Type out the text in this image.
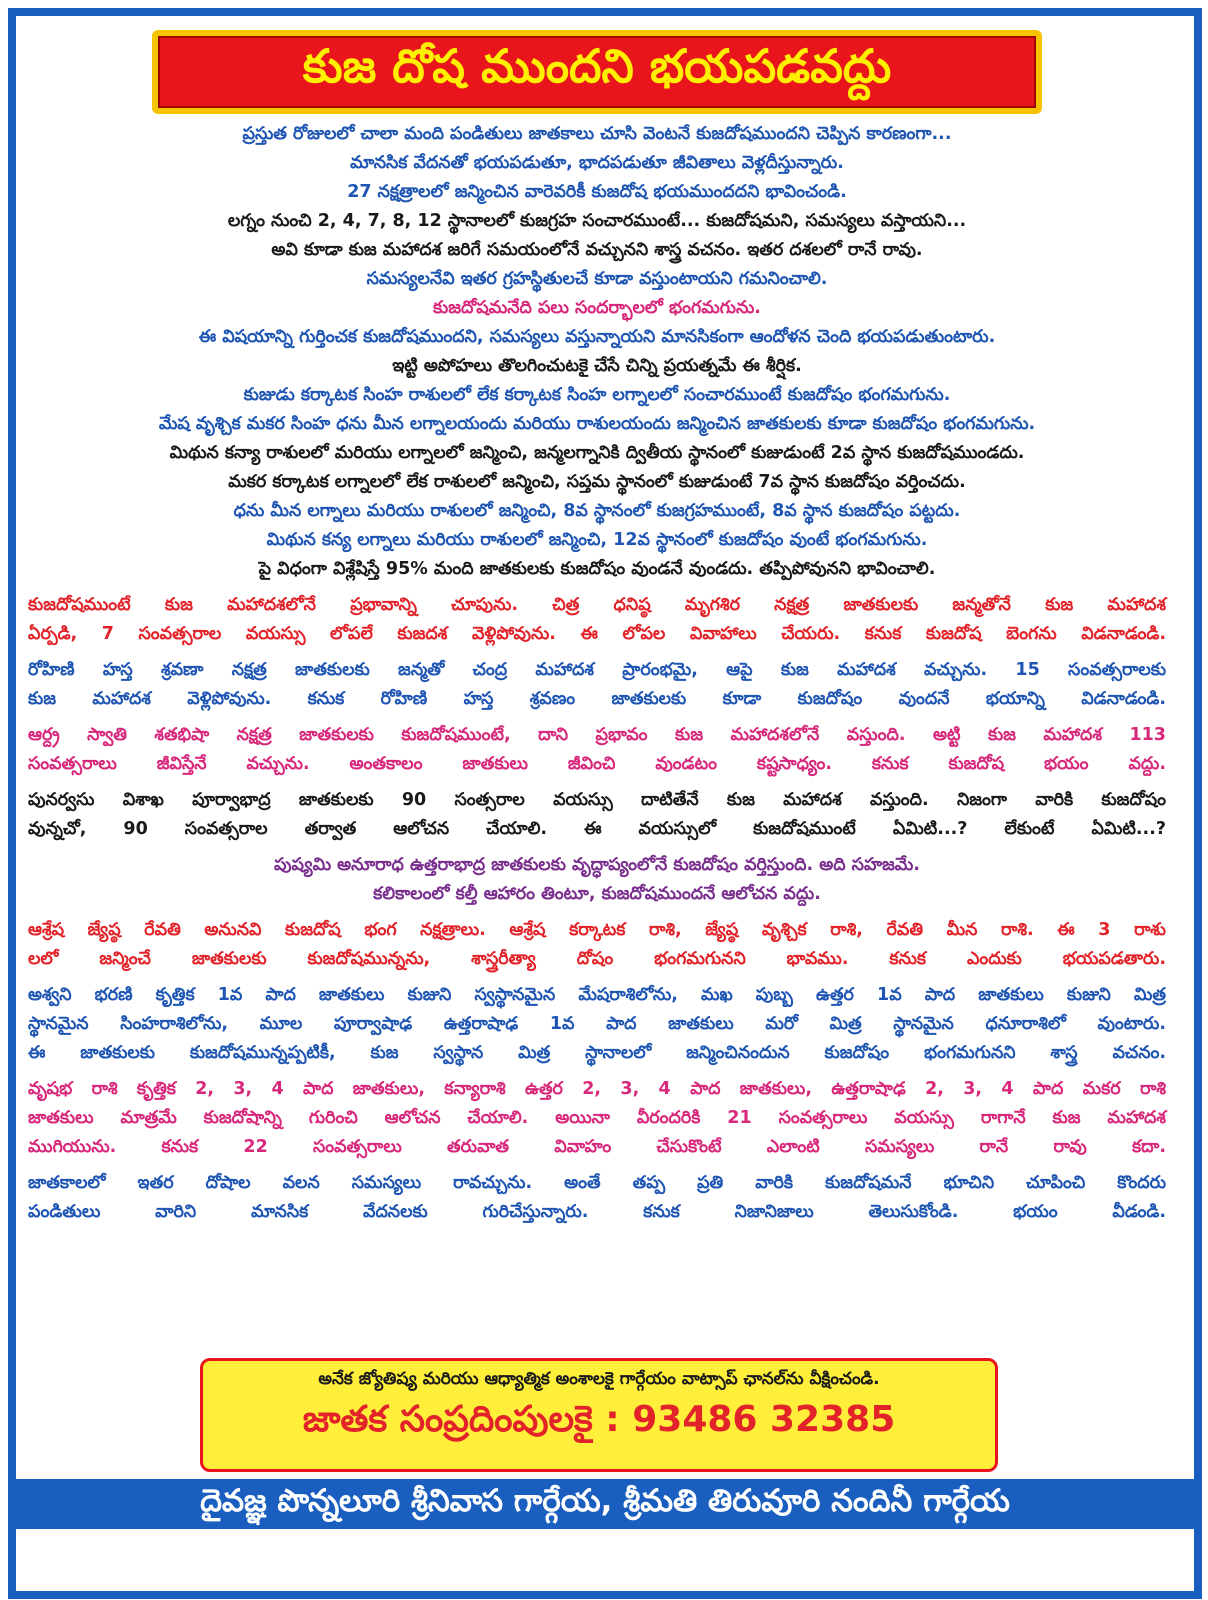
కుజ దోష ముందని భయపడవద్దు
ప్రస్తుత రోజులలో చాలా మంది పండితులు జాతకాలు చూసి వెంటనే కుజదోషముందని చెప్పిన కారణంగా...
మానసిక వేదనతో భయపడుతూ, భాదపడుతూ జీవితాలు వెళ్లదీస్తున్నారు.
27 నక్షత్రాలలో జన్మించిన వారెవరికీ కుజదోష భయముందదని భావించండి.
లగ్నం నుంచి 2, 4, 7, 8, 12 స్థానాలలో కుజగ్రహ సంచారముంటే... కుజదోషమని, సమస్యలు వస్తాయని...
అవి కూడా కుజ మహాదశ జరిగే సమయంలోనే వచ్చునని శాస్త్ర వచనం. ఇతర దశలలో రానే రావు.
సమస్యలనేవి ఇతర గ్రహస్థితులచే కూడా వస్తుంటాయని గమనించాలి.
కుజదోషమనేది పలు సందర్భాలలో భంగమగును.
ఈ విషయాన్ని గుర్తించక కుజదోషముందని, సమస్యలు వస్తున్నాయని మానసికంగా ఆందోళన చెంది భయపడుతుంటారు.
ఇట్టి అపోహలు తొలగించుటకై చేసే చిన్ని ప్రయత్నమే ఈ శీర్షిక.
కుజుడు కర్కాటక సింహ రాశులలో లేక కర్కాటక సింహ లగ్నాలలో సంచారముంటే కుజదోషం భంగమగును.
మేష వృశ్చిక మకర సింహ ధను మీన లగ్నాలయందు మరియు రాశులయందు జన్మించిన జాతకులకు కూడా కుజదోషం భంగమగును.
మిథున కన్యా రాశులలో మరియు లగ్నాలలో జన్మించి, జన్మలగ్నానికి ద్వితీయ స్థానంలో కుజుడుంటే 2వ స్థాన కుజదోషముండదు.
మకర కర్కాటక లగ్నాలలో లేక రాశులలో జన్మించి, సప్తమ స్థానంలో కుజుడుంటే 7వ స్థాన కుజదోషం వర్తించదు.
ధను మీన లగ్నాలు మరియు రాశులలో జన్మించి, 8వ స్థానంలో కుజగ్రహముంటే, 8వ స్థాన కుజదోషం పట్టదు.
మిథున కన్య లగ్నాలు మరియు రాశులలో జన్మించి, 12వ స్థానంలో కుజదోషం వుంటే భంగమగును.
పై విధంగా విశ్లేషిస్తే 95% మంది జాతకులకు కుజదోషం వుండనే వుండదు. తప్పిపోవునని భావించాలి.
కుజదోషముంటే కుజ మహాదశలోనే ప్రభావాన్ని చూపును. చిత్ర ధనిష్ఠ మృగశిర నక్షత్ర జాతకులకు జన్మతోనే కుజ మహాదశ
ఏర్పడి, 7 సంవత్సరాల వయస్సు లోపలే కుజదశ వెళ్లిపోవును. ఈ లోపల వివాహాలు చేయరు. కనుక కుజదోష బెంగను విడనాడండి.
రోహిణి హస్త శ్రవణా నక్షత్ర జాతకులకు జన్మతో చంద్ర మహాదశ ప్రారంభమై, ఆపై కుజ మహాదశ వచ్చును. 15 సంవత్సరాలకు
కుజ మహాదశ వెళ్లిపోవును. కనుక రోహిణి హస్త శ్రవణం జాతకులకు కూడా కుజదోషం వుందనే భయాన్ని విడనాడండి.
ఆర్ద్ర స్వాతి శతభిషా నక్షత్ర జాతకులకు కుజదోషముంటే, దాని ప్రభావం కుజ మహాదశలోనే వస్తుంది. అట్టి కుజ మహాదశ 113
సంవత్సరాలు జీవిస్తేనే వచ్చును. అంతకాలం జాతకులు జీవించి వుండటం కష్టసాధ్యం. కనుక కుజదోష భయం వద్దు.
పునర్వసు విశాఖ పూర్వాభాద్ర జాతకులకు 90 సంత్సరాల వయస్సు దాటితేనే కుజ మహాదశ వస్తుంది. నిజంగా వారికి కుజదోషం
వున్నచో, 90 సంవత్సరాల తర్వాత ఆలోచన చేయాలి. ఈ వయస్సులో కుజదోషముంటే ఏమిటి...? లేకుంటే ఏమిటి...?
పుష్యమి అనూరాధ ఉత్తరాభాద్ర జాతకులకు వృద్ధాప్యంలోనే కుజదోషం వర్తిస్తుంది. అది సహజమే.
కలికాలంలో కల్తీ ఆహారం తింటూ, కుజదోషముందనే ఆలోచన వద్దు.
ఆశ్రేష జ్యేష్ఠ రేవతి అనునవి కుజదోష భంగ నక్షత్రాలు. ఆశ్రేష కర్కాటక రాశి, జ్యేష్ఠ వృశ్చిక రాశి, రేవతి మీన రాశి. ఈ 3 రాశు
లలో జన్మించే జాతకులకు కుజదోషమున్నను, శాస్త్రరీత్యా దోషం భంగమగునని భావము. కనుక ఎందుకు భయపడతారు.
అశ్వని భరణి కృత్తిక 1వ పాద జాతకులు కుజుని స్వస్థానమైన మేషరాశిలోను, మఖ పుబ్బ ఉత్తర 1వ పాద జాతకులు కుజుని మిత్ర
స్థానమైన సింహరాశిలోను, మూల పూర్వాషాఢ ఉత్తరాషాఢ 1వ పాద జాతకులు మరో మిత్ర స్థానమైన ధనూరాశిలో వుంటారు.
ఈ జాతకులకు కుజదోషమున్నప్పటికీ, కుజ స్వస్థాన మిత్ర స్థానాలలో జన్మించినందున కుజదోషం భంగమగునని శాస్త్ర వచనం.
వృషభ రాశి కృత్తిక 2, 3, 4 పాద జాతకులు, కన్యారాశి ఉత్తర 2, 3, 4 పాద జాతకులు, ఉత్తరాషాఢ 2, 3, 4 పాద మకర రాశి
జాతకులు మాత్రమే కుజదోషాన్ని గురించి ఆలోచన చేయాలి. అయినా వీరందరికి 21 సంవత్సరాలు వయస్సు రాగానే కుజ మహాదశ
ముగియును. కనుక 22 సంవత్సరాలు తరువాత వివాహం చేసుకొంటే ఎలాంటి సమస్యలు రానే రావు కదా.
జాతకాలలో ఇతర దోషాల వలన సమస్యలు రావచ్చును. అంతే తప్ప ప్రతి వారికి కుజదోషమనే భూచిని చూపించి కొందరు
పండితులు వారిని మానసిక వేదనలకు గురిచేస్తున్నారు. కనుక నిజానిజాలు తెలుసుకోండి. భయం వీడండి.
అనేక జ్యోతిష్య మరియు ఆధ్యాత్మిక అంశాలకై గార్గేయం వాట్సాప్ ఛానల్‌ను వీక్షించండి.
జాతక సంప్రదింపులకై : 93486 32385
దైవజ్ఞ పొన్నలూరి శ్రీనివాస గార్గేయ, శ్రీమతి తిరువూరి నందినీ గార్గేయ
